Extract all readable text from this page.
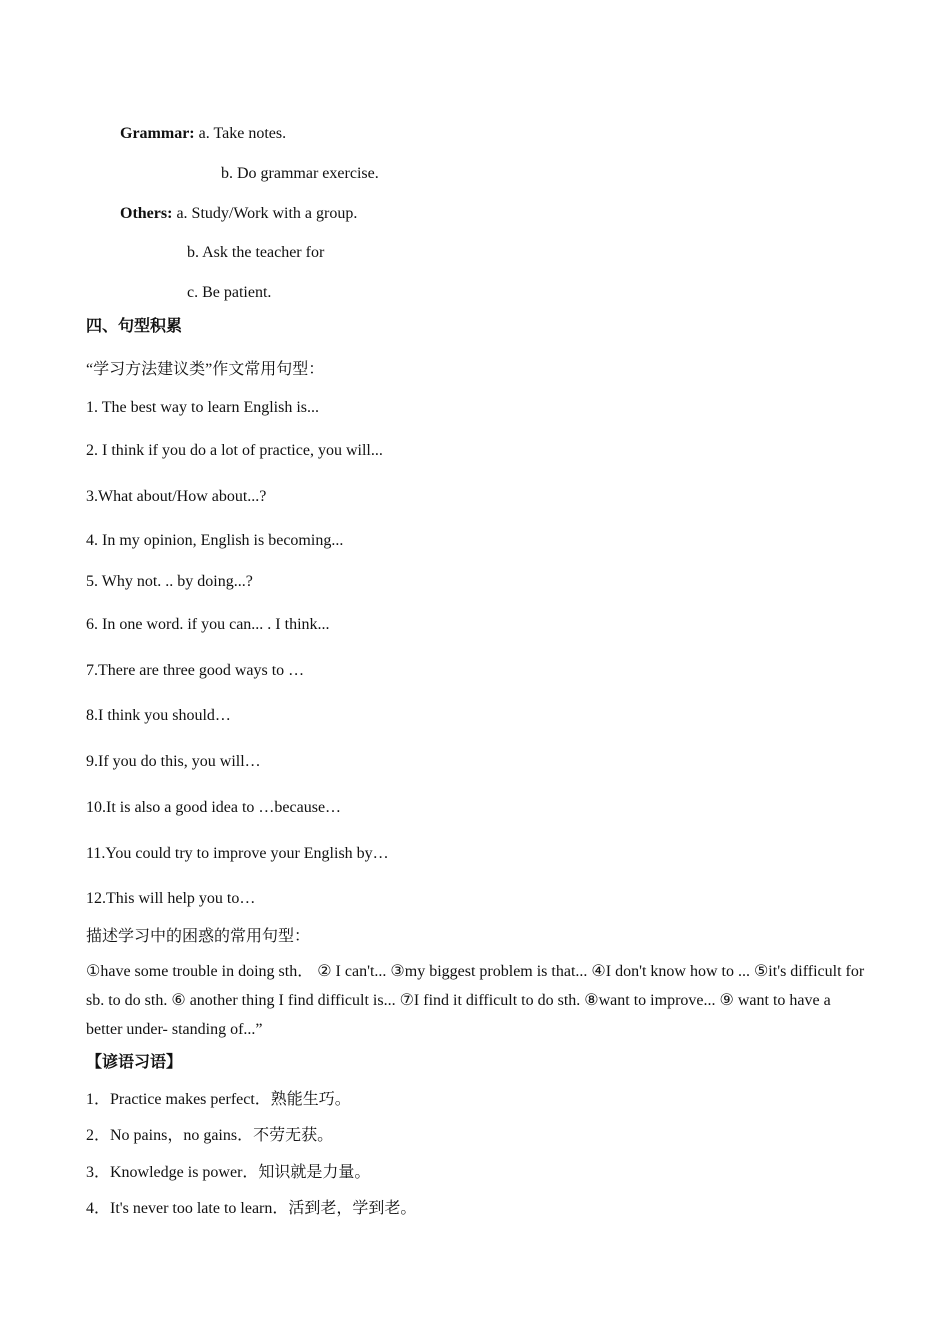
Grammar: a. Take notes.
b. Do grammar exercise.
Others: a. Study/Work with a group.
b. Ask the teacher for
c. Be patient.
四、句型积累
“学习方法建议类”作文常用句型：
1. The best way to learn English is...
2. I think if you do a lot of practice, you will...
3.What about/How about...?
4. In my opinion, English is becoming...
5. Why not. .. by doing...?
6. In one word. if you can... . I think...
7.There are three good ways to …
8.I think you should…
9.If you do this, you will…
10.It is also a good idea to …because…
11.You could try to improve your English by…
12.This will help you to…
描述学习中的困惑的常用句型：
①have some trouble in doing sth． ② I can't... ③my biggest problem is that... ④I don't know how to ... ⑤it's difficult for sb. to do sth. ⑥ another thing I find difficult is... ⑦I find it difficult to do sth. ⑧want to improve... ⑨ want to have a better under- standing of...”
【谚语习语】
1．Practice makes perfect．熟能生巧。
2．No pains，no gains．不劳无获。
3．Knowledge is power．知识就是力量。
4．It's never too late to learn．活到老，学到老。
